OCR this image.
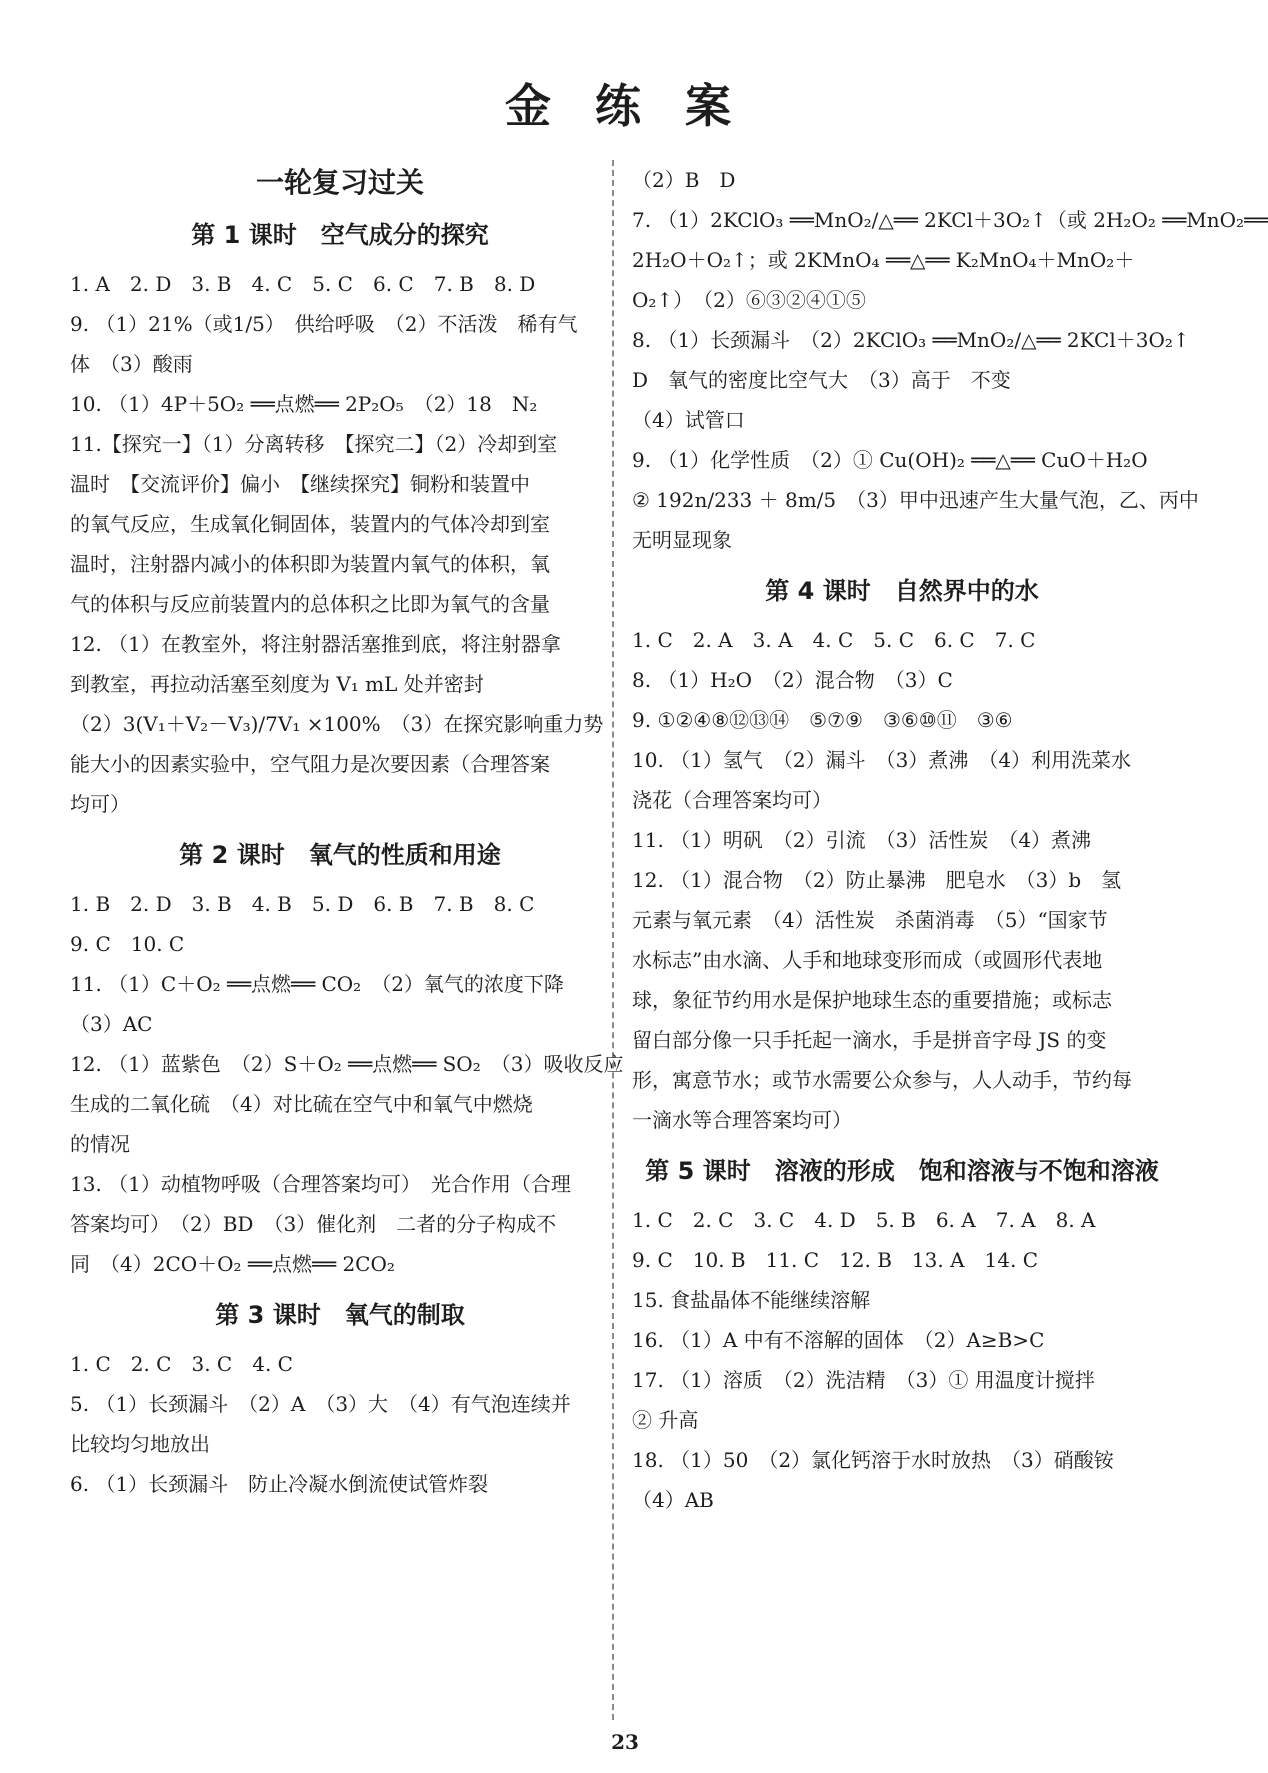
金 练 案
一轮复习过关
第 1 课时　空气成分的探究
1. A　2. D　3. B　4. C　5. C　6. C　7. B　8. D
9. （1）21%（或1/5）　供给呼吸　（2）不活泼　稀有气
体　（3）酸雨
10. （1）4P＋5O₂ ══点燃══ 2P₂O₅　（2）18　N₂
11.【探究一】（1）分离转移　【探究二】（2）冷却到室
温时　【交流评价】偏小　【继续探究】铜粉和装置中
的氧气反应，生成氧化铜固体，装置内的气体冷却到室
温时，注射器内减小的体积即为装置内氧气的体积，氧
气的体积与反应前装置内的总体积之比即为氧气的含量
12. （1）在教室外，将注射器活塞推到底，将注射器拿
到教室，再拉动活塞至刻度为 V₁ mL 处并密封
（2）3(V₁＋V₂－V₃)/7V₁ ×100%　（3）在探究影响重力势
能大小的因素实验中，空气阻力是次要因素（合理答案
均可）
第 2 课时　氧气的性质和用途
1. B　2. D　3. B　4. B　5. D　6. B　7. B　8. C
9. C　10. C
11. （1）C＋O₂ ══点燃══ CO₂　（2）氧气的浓度下降
（3）AC
12. （1）蓝紫色　（2）S＋O₂ ══点燃══ SO₂　（3）吸收反应
生成的二氧化硫　（4）对比硫在空气中和氧气中燃烧
的情况
13. （1）动植物呼吸（合理答案均可）　光合作用（合理
答案均可）　（2）BD　（3）催化剂　二者的分子构成不
同　（4）2CO＋O₂ ══点燃══ 2CO₂
第 3 课时　氧气的制取
1. C　2. C　3. C　4. C
5. （1）长颈漏斗　（2）A　（3）大　（4）有气泡连续并
比较均匀地放出
6. （1）长颈漏斗　防止冷凝水倒流使试管炸裂
（2）B　D
7. （1）2KClO₃ ══MnO₂/△══ 2KCl＋3O₂↑（或 2H₂O₂ ══MnO₂══
2H₂O＋O₂↑；或 2KMnO₄ ══△══ K₂MnO₄＋MnO₂＋
O₂↑）　（2）⑥③②④①⑤
8. （1）长颈漏斗　（2）2KClO₃ ══MnO₂/△══ 2KCl＋3O₂↑
D　氧气的密度比空气大　（3）高于　不变
（4）试管口
9. （1）化学性质　（2）① Cu(OH)₂ ══△══ CuO＋H₂O
② 192n/233 ＋ 8m/5　（3）甲中迅速产生大量气泡，乙、丙中
无明显现象
第 4 课时　自然界中的水
1. C　2. A　3. A　4. C　5. C　6. C　7. C
8. （1）H₂O　（2）混合物　（3）C
9. ①②④⑧⑫⑬⑭　⑤⑦⑨　③⑥⑩⑪　③⑥
10. （1）氢气　（2）漏斗　（3）煮沸　（4）利用洗菜水
浇花（合理答案均可）
11. （1）明矾　（2）引流　（3）活性炭　（4）煮沸
12. （1）混合物　（2）防止暴沸　肥皂水　（3）b　氢
元素与氧元素　（4）活性炭　杀菌消毒　（5）“国家节
水标志”由水滴、人手和地球变形而成（或圆形代表地
球，象征节约用水是保护地球生态的重要措施；或标志
留白部分像一只手托起一滴水，手是拼音字母 JS 的变
形，寓意节水；或节水需要公众参与，人人动手，节约每
一滴水等合理答案均可）
第 5 课时　溶液的形成　饱和溶液与不饱和溶液
1. C　2. C　3. C　4. D　5. B　6. A　7. A　8. A
9. C　10. B　11. C　12. B　13. A　14. C
15. 食盐晶体不能继续溶解
16. （1）A 中有不溶解的固体　（2）A≥B>C
17. （1）溶质　（2）洗洁精　（3）① 用温度计搅拌
② 升高
18. （1）50　（2）氯化钙溶于水时放热　（3）硝酸铵
（4）AB
23
